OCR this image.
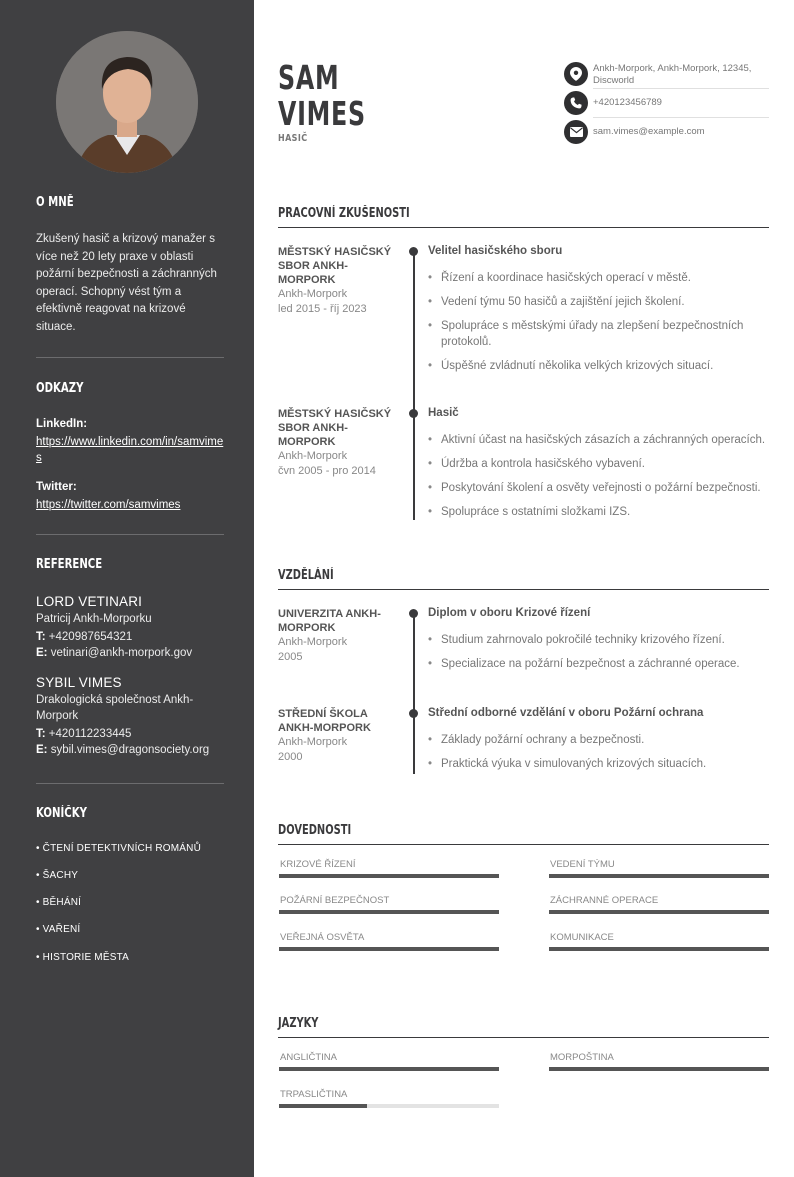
O MNĚ
Zkušený hasič a krizový manažer s více než 20 lety praxe v oblasti požární bezpečnosti a záchranných operací. Schopný vést tým a efektivně reagovat na krizové situace.
ODKAZY
LinkedIn:
https://www.linkedin.com/in/samvimes
Twitter:
https://twitter.com/samvimes
REFERENCE
LORD VETINARI
Patricij Ankh-Morporku
T: +420987654321
E: vetinari@ankh-morpork.gov
SYBIL VIMES
Drakologická společnost Ankh-Morpork
T: +420112233445
E: sybil.vimes@dragonsociety.org
KONÍČKY
• ČTENÍ DETEKTIVNÍCH ROMÁNŮ
• ŠACHY
• BĚHÁNÍ
• VAŘENÍ
• HISTORIE MĚSTA
SAM
VIMES
HASIČ
Ankh-Morpork, Ankh-Morpork, 12345, Discworld
+420123456789
sam.vimes@example.com
PRACOVNÍ ZKUŠENOSTI
MĚSTSKÝ HASIČSKÝ SBOR ANKH-MORPORK
Ankh-Morpork
led 2015 - říj 2023
Velitel hasičského sboru
• Řízení a koordinace hasičských operací v městě.
• Vedení týmu 50 hasičů a zajištění jejich školení.
• Spolupráce s městskými úřady na zlepšení bezpečnostních protokolů.
• Úspěšné zvládnutí několika velkých krizových situací.
MĚSTSKÝ HASIČSKÝ SBOR ANKH-MORPORK
Ankh-Morpork
čvn 2005 - pro 2014
Hasič
• Aktivní účast na hasičských zásazích a záchranných operacích.
• Údržba a kontrola hasičského vybavení.
• Poskytování školení a osvěty veřejnosti o požární bezpečnosti.
• Spolupráce s ostatními složkami IZS.
VZDĚLÁNÍ
UNIVERZITA ANKH-MORPORK
Ankh-Morpork
2005
Diplom v oboru Krizové řízení
• Studium zahrnovalo pokročilé techniky krizového řízení.
• Specializace na požární bezpečnost a záchranné operace.
STŘEDNÍ ŠKOLA ANKH-MORPORK
Ankh-Morpork
2000
Střední odborné vzdělání v oboru Požární ochrana
• Základy požární ochrany a bezpečnosti.
• Praktická výuka v simulovaných krizových situacích.
DOVEDNOSTI
KRIZOVÉ ŘÍZENÍ	VEDENÍ TÝMU
POŽÁRNÍ BEZPEČNOST	ZÁCHRANNÉ OPERACE
VEŘEJNÁ OSVĚTA	KOMUNIKACE
JAZYKY
ANGLIČTINA	MORPOŠTINA
TRPASLIČTINA
